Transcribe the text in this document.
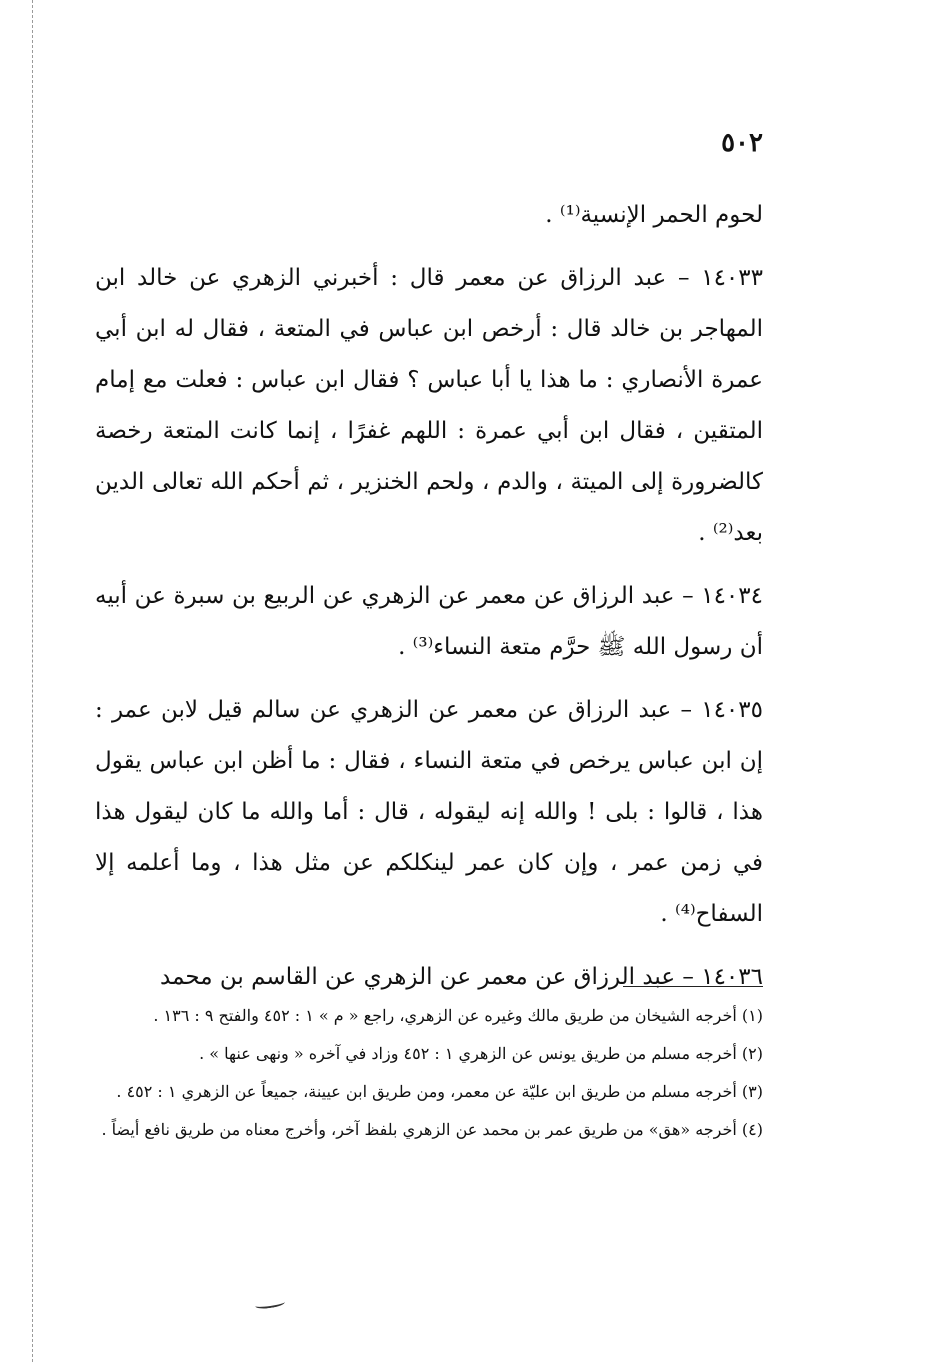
٥٠٢

لحوم الحمر الإنسية⁽¹⁾ .

١٤٠٣٣ – عبد الرزاق عن معمر قال : أخبرني الزهري عن خالد ابن المهاجر بن خالد قال : أرخص ابن عباس في المتعة ، فقال له ابن أبي عمرة الأنصاري : ما هذا يا أبا عباس ؟ فقال ابن عباس : فعلت مع إمام المتقين ، فقال ابن أبي عمرة : اللهم غفرًا ، إنما كانت المتعة رخصة كالضرورة إلى الميتة ، والدم ، ولحم الخنزير ، ثم أحكم الله تعالى الدين بعد⁽²⁾ .

١٤٠٣٤ – عبد الرزاق عن معمر عن الزهري عن الربيع بن سبرة عن أبيه أن رسول الله ﷺ حرَّم متعة النساء⁽³⁾ .

١٤٠٣٥ – عبد الرزاق عن معمر عن الزهري عن سالم قيل لابن عمر : إن ابن عباس يرخص في متعة النساء ، فقال : ما أظن ابن عباس يقول هذا ، قالوا : بلى ! والله إنه ليقوله ، قال : أما والله ما كان ليقول هذا في زمن عمر ، وإن كان عمر لينكلكم عن مثل هذا ، وما أعلمه إلا السفاح⁽⁴⁾ .

١٤٠٣٦ – عبد الرزاق عن معمر عن الزهري عن القاسم بن محمد

(١) أخرجه الشيخان من طريق مالك وغيره عن الزهري، راجع « م » ١ : ٤٥٢ والفتح ٩ : ١٣٦ .

(٢) أخرجه مسلم من طريق يونس عن الزهري ١ : ٤٥٢ وزاد في آخره « ونهى عنها » .

(٣) أخرجه مسلم من طريق ابن عليّة عن معمر، ومن طريق ابن عيينة، جميعاً عن الزهري ١ : ٤٥٢ .

(٤) أخرجه «هق» من طريق عمر بن محمد عن الزهري بلفظ آخر، وأخرج معناه من طريق نافع أيضاً .
